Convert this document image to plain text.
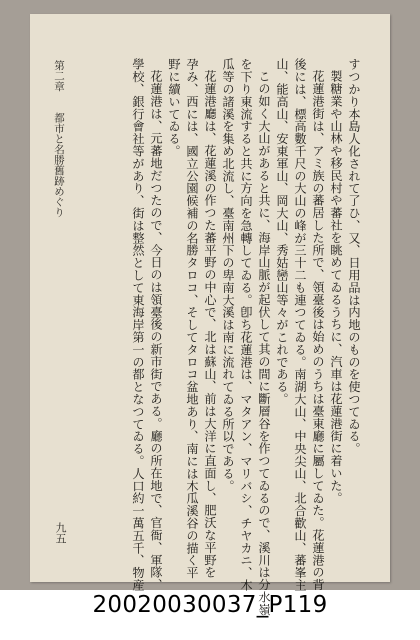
すつかり本島人化されて了ひ、又、日用品は内地のものを使つてゐる。
製糖業や山林や移民村や蕃社を眺めてゐるうちに、汽車は花蓮港街に着いた。
花蓮港街は、アミ族の蕃居した所で、領臺後は始めのうちは臺東廳に屬してゐた。花蓮港の背
後には、標高數千尺の大山の峰が三十二も連つてゐる。南湖大山、中央尖山、北合歡山、蕃峯主
山、能高山、安東軍山、岡大山、秀姑巒山等々がこれである。
この如く大山があると共に、海岸山脈が起伏して其の間に斷層谷を作つてゐるので、溪川は分水嶺
を下り東流すると共に方向を急轉してゐる。卽ち花蓮港は、マタアン、マリバシ、チヤカニ、木
瓜等の諸溪を集め北流し、臺南州下の卑南大溪は南に流れてゐる所以である。
花蓮港廳は、花蓮溪の作つた蕃平野の中心で、北は蘇山、前は大洋に直面し、肥沃な平野を
孕み、西には、國立公園候補の名勝タロコ、そしてタロコ盆地あり、南には木瓜溪谷の描く平
野に續いてゐる。
花蓮港は、元蕃地だつたので、今日のは領臺後の新市街である。廳の所在地で、官衙、軍隊、
學校、銀行會社等があり、街は整然として東海岸第一の都となつてゐる。人口約一萬五千、物産
第二章都市と名勝舊跡めぐり
九五
20020030037_P119
